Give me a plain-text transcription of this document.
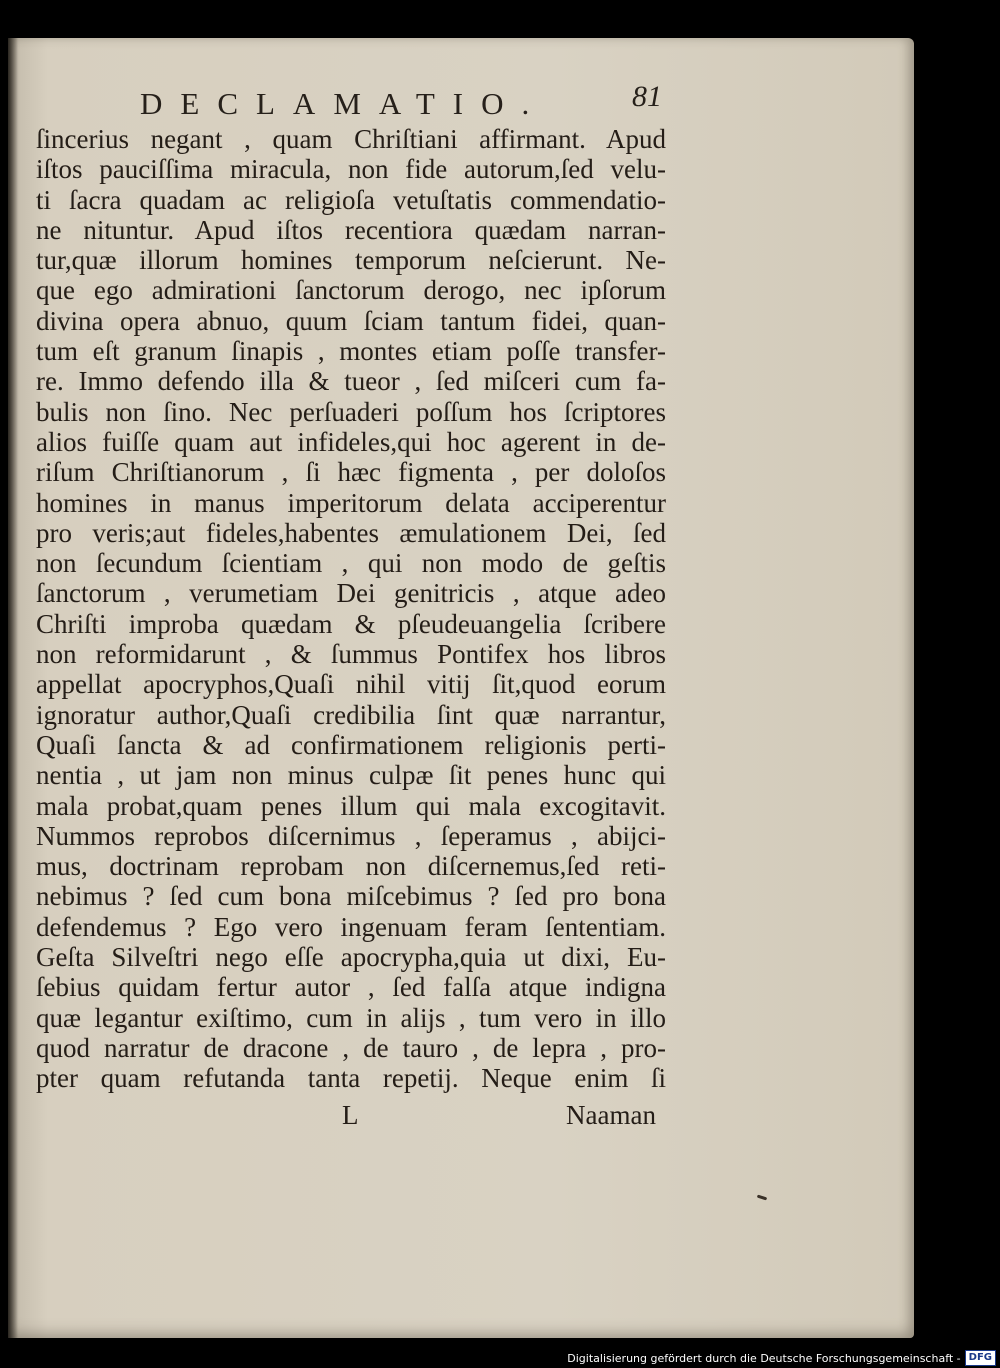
DECLAMATIO.	81
ſincerius negant , quam Chriſtiani affirmant. Apud
iſtos pauciſſima miracula, non fide autorum,ſed velu-
ti ſacra quadam ac religioſa vetuſtatis commendatio-
ne nituntur. Apud iſtos recentiora quædam narran-
tur,quæ illorum homines temporum neſcierunt. Ne-
que ego admirationi ſanctorum derogo, nec ipſorum
divina opera abnuo, quum ſciam tantum fidei, quan-
tum eſt granum ſinapis , montes etiam poſſe transfer-
re. Immo defendo illa & tueor , ſed miſceri cum fa-
bulis non ſino. Nec perſuaderi poſſum hos ſcriptores
alios fuiſſe quam aut infideles,qui hoc agerent in de-
riſum Chriſtianorum , ſi hæc figmenta , per doloſos
homines in manus imperitorum delata acciperentur
pro veris;aut fideles,habentes æmulationem Dei, ſed
non ſecundum ſcientiam , qui non modo de geſtis
ſanctorum , verumetiam Dei genitricis , atque adeo
Chriſti improba quædam & pſeudeuangelia ſcribere
non reformidarunt , & ſummus Pontifex hos libros
appellat apocryphos,Quaſi nihil vitij ſit,quod eorum
ignoratur author,Quaſi credibilia ſint quæ narrantur,
Quaſi ſancta & ad confirmationem religionis perti-
nentia , ut jam non minus culpæ ſit penes hunc qui
mala probat,quam penes illum qui mala excogitavit.
Nummos reprobos diſcernimus , ſeperamus , abijci-
mus, doctrinam reprobam non diſcernemus,ſed reti-
nebimus ? ſed cum bona miſcebimus ? ſed pro bona
defendemus ? Ego vero ingenuam feram ſententiam.
Geſta Silveſtri nego eſſe apocrypha,quia ut dixi, Eu-
ſebius quidam fertur autor , ſed falſa atque indigna
quæ legantur exiſtimo, cum in alijs , tum vero in illo
quod narratur de dracone , de tauro , de lepra , pro-
pter quam refutanda tanta repetij. Neque enim ſi
L	Naaman
Digitalisierung gefördert durch die Deutsche Forschungsgemeinschaft - DFG
